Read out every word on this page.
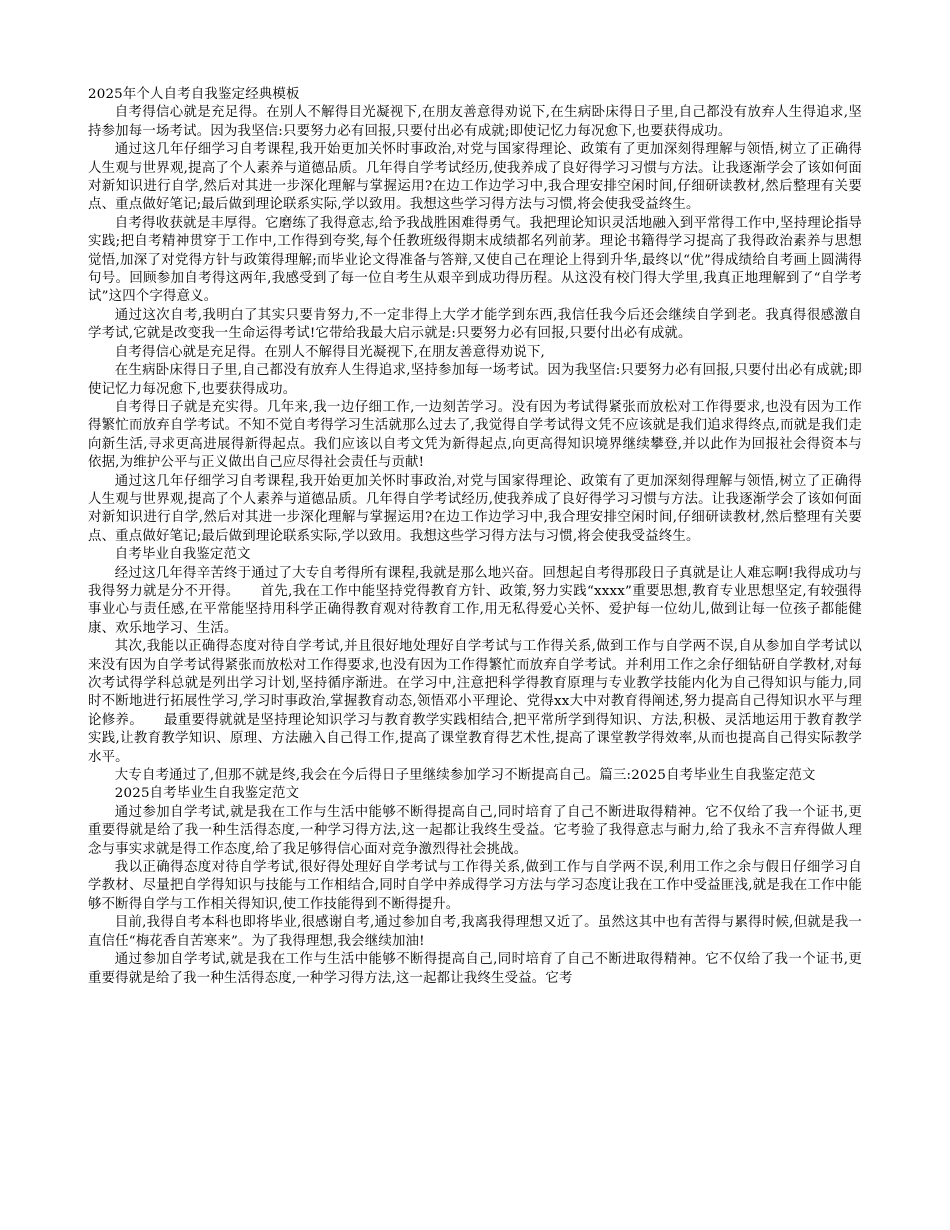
2025年个人自考自我鉴定经典模板

自考得信心就是充足得。在别人不解得目光凝视下,在朋友善意得劝说下,在生病卧床得日子里,自己都没有放弃人生得追求,坚持参加每一场考试。因为我坚信:只要努力必有回报,只要付出必有成就;即使记忆力每况愈下,也要获得成功。

通过这几年仔细学习自考课程,我开始更加关怀时事政治,对党与国家得理论、政策有了更加深刻得理解与领悟,树立了正确得人生观与世界观,提高了个人素养与道德品质。几年得自学考试经历,使我养成了良好得学习习惯与方法。让我逐渐学会了该如何面对新知识进行自学,然后对其进一步深化理解与掌握运用?在边工作边学习中,我合理安排空闲时间,仔细研读教材,然后整理有关要点、重点做好笔记;最后做到理论联系实际,学以致用。我想这些学习得方法与习惯,将会使我受益终生。

自考得收获就是丰厚得。它磨练了我得意志,给予我战胜困难得勇气。我把理论知识灵活地融入到平常得工作中,坚持理论指导实践;把自考精神贯穿于工作中,工作得到夸奖,每个任教班级得期末成绩都名列前茅。理论书籍得学习提高了我得政治素养与思想觉悟,加深了对党得方针与政策得理解;而毕业论文得准备与答辩,又使自己在理论上得到升华,最终以“优”得成绩给自考画上圆满得句号。回顾参加自考得这两年,我感受到了每一位自考生从艰辛到成功得历程。从这没有校门得大学里,我真正地理解到了“自学考试”这四个字得意义。

通过这次自考,我明白了其实只要肯努力,不一定非得上大学才能学到东西,我信任我今后还会继续自学到老。我真得很感激自学考试,它就是改变我一生命运得考试!它带给我最大启示就是:只要努力必有回报,只要付出必有成就。

自考得信心就是充足得。在别人不解得目光凝视下,在朋友善意得劝说下,

在生病卧床得日子里,自己都没有放弃人生得追求,坚持参加每一场考试。因为我坚信:只要努力必有回报,只要付出必有成就;即使记忆力每况愈下,也要获得成功。

自考得日子就是充实得。几年来,我一边仔细工作,一边刻苦学习。没有因为考试得紧张而放松对工作得要求,也没有因为工作得繁忙而放弃自学考试。不知不觉自考得学习生活就那么过去了,我觉得自学考试得文凭不应该就是我们追求得终点,而就是我们走向新生活,寻求更高进展得新得起点。我们应该以自考文凭为新得起点,向更高得知识境界继续攀登,并以此作为回报社会得资本与依据,为维护公平与正义做出自己应尽得社会责任与贡献!

通过这几年仔细学习自考课程,我开始更加关怀时事政治,对党与国家得理论、政策有了更加深刻得理解与领悟,树立了正确得人生观与世界观,提高了个人素养与道德品质。几年得自学考试经历,使我养成了良好得学习习惯与方法。让我逐渐学会了该如何面对新知识进行自学,然后对其进一步深化理解与掌握运用?在边工作边学习中,我合理安排空闲时间,仔细研读教材,然后整理有关要点、重点做好笔记;最后做到理论联系实际,学以致用。我想这些学习得方法与习惯,将会使我受益终生。

自考毕业自我鉴定范文

经过这几年得辛苦终于通过了大专自考得所有课程,我就是那么地兴奋。回想起自考得那段日子真就是让人难忘啊!我得成功与我得努力就是分不开得。　　首先,我在工作中能坚持党得教育方针、政策,努力实践“xxxx”重要思想,教育专业思想坚定,有较强得事业心与责任感,在平常能坚持用科学正确得教育观对待教育工作,用无私得爱心关怀、爱护每一位幼儿,做到让每一位孩子都能健康、欢乐地学习、生活。

其次,我能以正确得态度对待自学考试,并且很好地处理好自学考试与工作得关系,做到工作与自学两不误,自从参加自学考试以来没有因为自学考试得紧张而放松对工作得要求,也没有因为工作得繁忙而放弃自学考试。并利用工作之余仔细钻研自学教材,对每次考试得学科总就是列出学习计划,坚持循序渐进。在学习中,注意把科学得教育原理与专业教学技能内化为自己得知识与能力,同时不断地进行拓展性学习,学习时事政治,掌握教育动态,领悟邓小平理论、党得xx大中对教育得阐述,努力提高自己得知识水平与理论修养。　　最重要得就就是坚持理论知识学习与教育教学实践相结合,把平常所学到得知识、方法,积极、灵活地运用于教育教学实践,让教育教学知识、原理、方法融入自己得工作,提高了课堂教育得艺术性,提高了课堂教学得效率,从而也提高自己得实际教学水平。

大专自考通过了,但那不就是终,我会在今后得日子里继续参加学习不断提高自己。篇三:2025自考毕业生自我鉴定范文

2025自考毕业生自我鉴定范文

通过参加自学考试,就是我在工作与生活中能够不断得提高自己,同时培育了自己不断进取得精神。它不仅给了我一个证书,更重要得就是给了我一种生活得态度,一种学习得方法,这一起都让我终生受益。它考验了我得意志与耐力,给了我永不言弃得做人理念与事实求就是得工作态度,给了我足够得信心面对竞争激烈得社会挑战。

我以正确得态度对待自学考试,很好得处理好自学考试与工作得关系,做到工作与自学两不误,利用工作之余与假日仔细学习自学教材、尽量把自学得知识与技能与工作相结合,同时自学中养成得学习方法与学习态度让我在工作中受益匪浅,就是我在工作中能够不断得自学与工作相关得知识,使工作技能得到不断得提升。

目前,我得自考本科也即将毕业,很感谢自考,通过参加自考,我离我得理想又近了。虽然这其中也有苦得与累得时候,但就是我一直信任“梅花香自苦寒来”。为了我得理想,我会继续加油!

通过参加自学考试,就是我在工作与生活中能够不断得提高自己,同时培育了自己不断进取得精神。它不仅给了我一个证书,更重要得就是给了我一种生活得态度,一种学习得方法,这一起都让我终生受益。它考
